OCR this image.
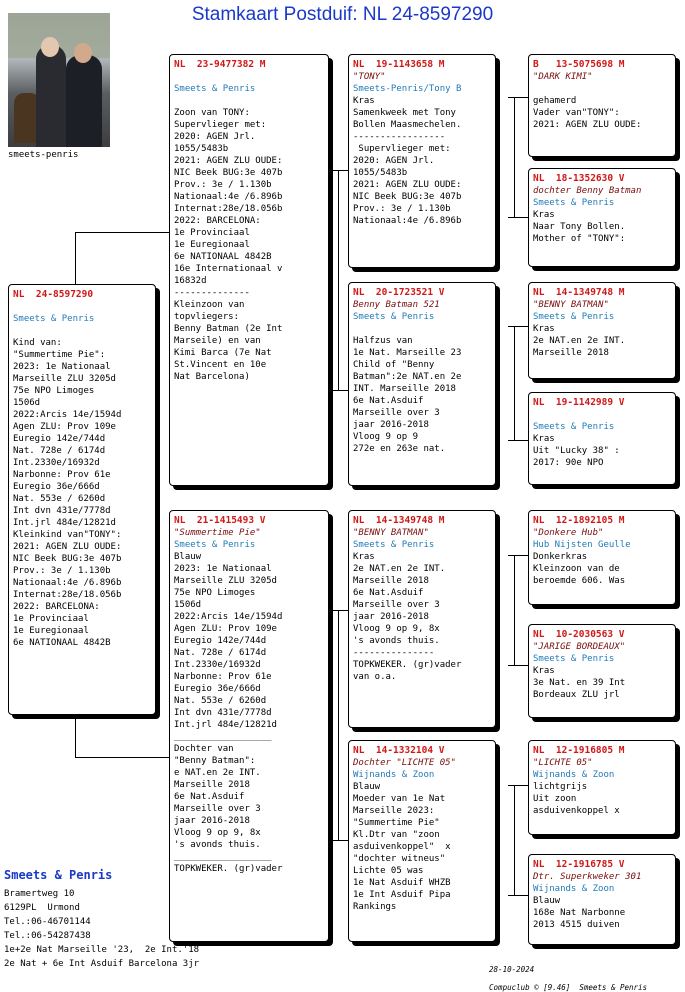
Stamkaart Postduif: NL 24-8597290
smeets-penris
NL  24-8597290
Smeets & Penris
Kind van:
"Summertime Pie":
2023: 1e Nationaal
Marseille ZLU 3205d
75e NPO Limoges
1506d
2022:Arcis 14e/1594d
Agen ZLU: Prov 109e
Euregio 142e/744d
Nat. 728e / 6174d
Int.2330e/16932d
Narbonne: Prov 61e
Euregio 36e/666d
Nat. 553e / 6260d
Int dvn 431e/7778d
Int.jrl 484e/12821d
Kleinkind van"TONY":
2021: AGEN ZLU OUDE:
NIC Beek BUG:3e 407b
Prov.: 3e / 1.130b
Nationaal:4e /6.896b
Internat:28e/18.056b
2022: BARCELONA:
1e Provinciaal
1e Euregionaal
6e NATIONAAL 4842B
NL  23-9477382 M
Smeets & Penris
Zoon van TONY:
Supervlieger met:
2020: AGEN Jrl.
1055/5483b
2021: AGEN ZLU OUDE:
NIC Beek BUG:3e 407b
Prov.: 3e / 1.130b
Nationaal:4e /6.896b
Internat:28e/18.056b
2022: BARCELONA:
1e Provinciaal
1e Euregionaal
6e NATIONAAL 4842B
16e Internationaal v
16832d
--------------
Kleinzoon van
topvliegers:
Benny Batman (2e Int
Marseile) en van
Kimi Barca (7e Nat
St.Vincent en 10e
Nat Barcelona)
NL  21-1415493 V
"Summertime Pie"
Smeets & Penris
Blauw
2023: 1e Nationaal
Marseille ZLU 3205d
75e NPO Limoges
1506d
2022:Arcis 14e/1594d
Agen ZLU: Prov 109e
Euregio 142e/744d
Nat. 728e / 6174d
Int.2330e/16932d
Narbonne: Prov 61e
Euregio 36e/666d
Nat. 553e / 6260d
Int dvn 431e/7778d
Int.jrl 484e/12821d
__________________
Dochter van
"Benny Batman":
e NAT.en 2e INT.
Marseille 2018
6e Nat.Asduif
Marseille over 3
jaar 2016-2018
Vloog 9 op 9, 8x
's avonds thuis.
__________________
TOPKWEKER. (gr)vader
NL  19-1143658 M
"TONY"
Smeets-Penris/Tony B
Kras
Samenkweek met Tony
Bollen Maasmechelen.
-----------------
Supervlieger met:
2020: AGEN Jrl.
1055/5483b
2021: AGEN ZLU OUDE:
NIC Beek BUG:3e 407b
Prov.: 3e / 1.130b
Nationaal:4e /6.896b
NL  20-1723521 V
Benny Batman 521
Smeets & Penris
Halfzus van
1e Nat. Marseille 23
Child of "Benny
Batman":2e NAT.en 2e
INT. Marseille 2018
6e Nat.Asduif
Marseille over 3
jaar 2016-2018
Vloog 9 op 9
272e en 263e nat.
NL  14-1349748 M
"BENNY BATMAN"
Smeets & Penris
Kras
2e NAT.en 2e INT.
Marseille 2018
6e Nat.Asduif
Marseille over 3
jaar 2016-2018
Vloog 9 op 9, 8x
's avonds thuis.
---------------
TOPKWEKER. (gr)vader
van o.a.
NL  14-1332104 V
Dochter "LICHTE 05"
Wijnands & Zoon
Blauw
Moeder van 1e Nat
Marseille 2023:
"Summertime Pie"
Kl.Dtr van "zoon
asduivenkoppel"  x
"dochter witneus"
Lichte 05 was
1e Nat Asduif WHZB
1e Int Asduif Pipa
Rankings
B   13-5075698 M
"DARK KIMI"
gehamerd
Vader van"TONY":
2021: AGEN ZLU OUDE:
NL  18-1352630 V
dochter Benny Batman
Smeets & Penris
Kras
Naar Tony Bollen.
Mother of "TONY":
NL  14-1349748 M
"BENNY BATMAN"
Smeets & Penris
Kras
2e NAT.en 2e INT.
Marseille 2018
NL  19-1142989 V
Smeets & Penris
Kras
Uit "Lucky 38" :
2017: 90e NPO
NL  12-1892105 M
"Donkere Hub"
Hub Nijsten Geulle
Donkerkras
Kleinzoon van de
beroemde 606. Was
NL  10-2030563 V
"JARIGE BORDEAUX"
Smeets & Penris
Kras
3e Nat. en 39 Int
Bordeaux ZLU jrl
NL  12-1916805 M
"LICHTE 05"
Wijnands & Zoon
lichtgrijs
Uit zoon
asduivenkoppel x
NL  12-1916785 V
Dtr. Superkweker 301
Wijnands & Zoon
Blauw
168e Nat Narbonne
2013 4515 duiven
Smeets & Penris
Bramertweg 10
6129PL  Urmond
Tel.:06-46701144
Tel.:06-54287438
1e+2e Nat Marseille '23,  2e Int.'18
2e Nat + 6e Int Asduif Barcelona 3jr

28-10-2024

Compuclub © [9.46]  Smeets & Penris
